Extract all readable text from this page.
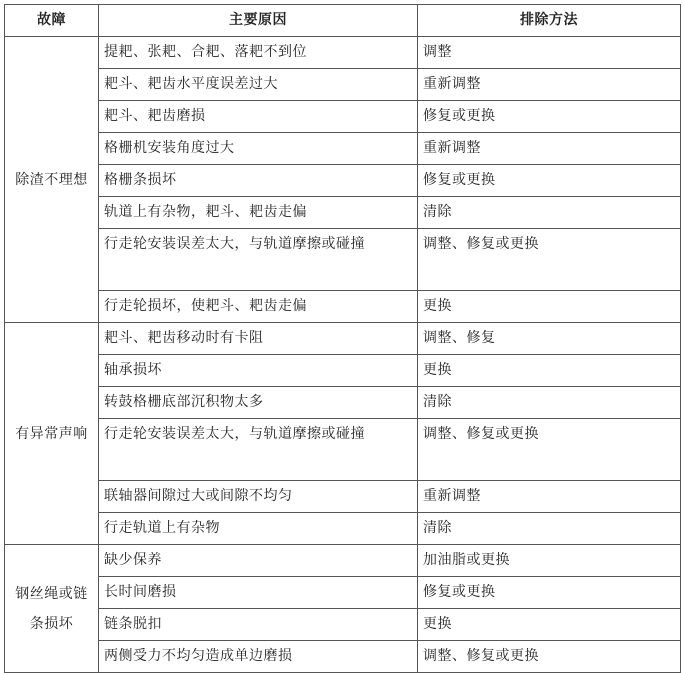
故障	主要原因	排除方法
除渣不理想	提耙、张耙、合耙、落耙不到位	调整
	耙斗、耙齿水平度误差过大	重新调整
	耙斗、耙齿磨损	修复或更换
	格栅机安装角度过大	重新调整
	格栅条损坏	修复或更换
	轨道上有杂物，耙斗、耙齿走偏	清除
	行走轮安装误差太大，与轨道摩擦或碰撞	调整、修复或更换
	行走轮损坏，使耙斗、耙齿走偏	更换
有异常声响	耙斗、耙齿移动时有卡阻	调整、修复
	轴承损坏	更换
	转鼓格栅底部沉积物太多	清除
	行走轮安装误差太大，与轨道摩擦或碰撞	调整、修复或更换
	联轴器间隙过大或间隙不均匀	重新调整
	行走轨道上有杂物	清除
钢丝绳或链条损坏	缺少保养	加油脂或更换
	长时间磨损	修复或更换
	链条脱扣	更换
	两侧受力不均匀造成单边磨损	调整、修复或更换
